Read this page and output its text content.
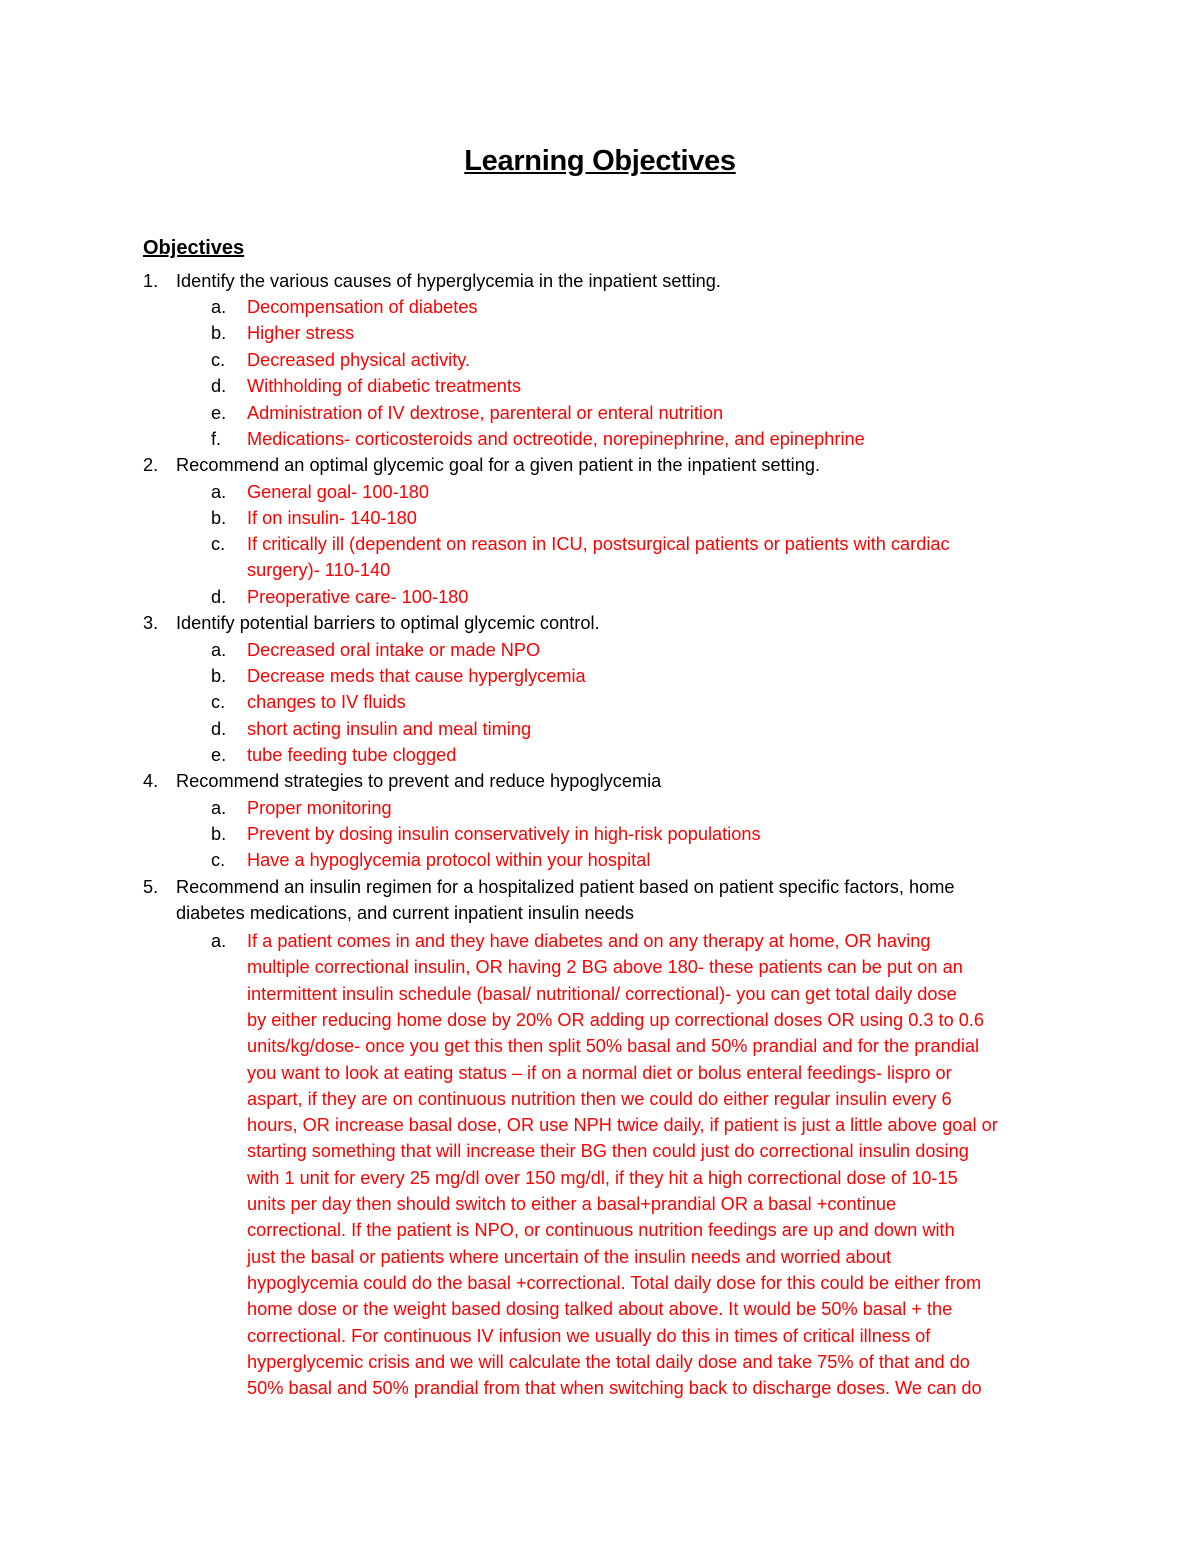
Learning Objectives
Objectives
1. Identify the various causes of hyperglycemia in the inpatient setting.
a. Decompensation of diabetes
b. Higher stress
c. Decreased physical activity.
d. Withholding of diabetic treatments
e. Administration of IV dextrose, parenteral or enteral nutrition
f. Medications- corticosteroids and octreotide, norepinephrine, and epinephrine
2. Recommend an optimal glycemic goal for a given patient in the inpatient setting.
a. General goal- 100-180
b. If on insulin- 140-180
c. If critically ill (dependent on reason in ICU, postsurgical patients or patients with cardiac
surgery)- 110-140
d. Preoperative care- 100-180
3. Identify potential barriers to optimal glycemic control.
a. Decreased oral intake or made NPO
b. Decrease meds that cause hyperglycemia
c. changes to IV fluids
d. short acting insulin and meal timing
e. tube feeding tube clogged
4. Recommend strategies to prevent and reduce hypoglycemia
a. Proper monitoring
b. Prevent by dosing insulin conservatively in high-risk populations
c. Have a hypoglycemia protocol within your hospital
5. Recommend an insulin regimen for a hospitalized patient based on patient specific factors, home
diabetes medications, and current inpatient insulin needs
a. If a patient comes in and they have diabetes and on any therapy at home, OR having
multiple correctional insulin, OR having 2 BG above 180- these patients can be put on an
intermittent insulin schedule (basal/ nutritional/ correctional)- you can get total daily dose
by either reducing home dose by 20% OR adding up correctional doses OR using 0.3 to 0.6
units/kg/dose- once you get this then split 50% basal and 50% prandial and for the prandial
you want to look at eating status – if on a normal diet or bolus enteral feedings- lispro or
aspart, if they are on continuous nutrition then we could do either regular insulin every 6
hours, OR increase basal dose, OR use NPH twice daily, if patient is just a little above goal or
starting something that will increase their BG then could just do correctional insulin dosing
with 1 unit for every 25 mg/dl over 150 mg/dl, if they hit a high correctional dose of 10-15
units per day then should switch to either a basal+prandial OR a basal +continue
correctional. If the patient is NPO, or continuous nutrition feedings are up and down with
just the basal or patients where uncertain of the insulin needs and worried about
hypoglycemia could do the basal +correctional. Total daily dose for this could be either from
home dose or the weight based dosing talked about above. It would be 50% basal + the
correctional. For continuous IV infusion we usually do this in times of critical illness of
hyperglycemic crisis and we will calculate the total daily dose and take 75% of that and do
50% basal and 50% prandial from that when switching back to discharge doses. We can do
